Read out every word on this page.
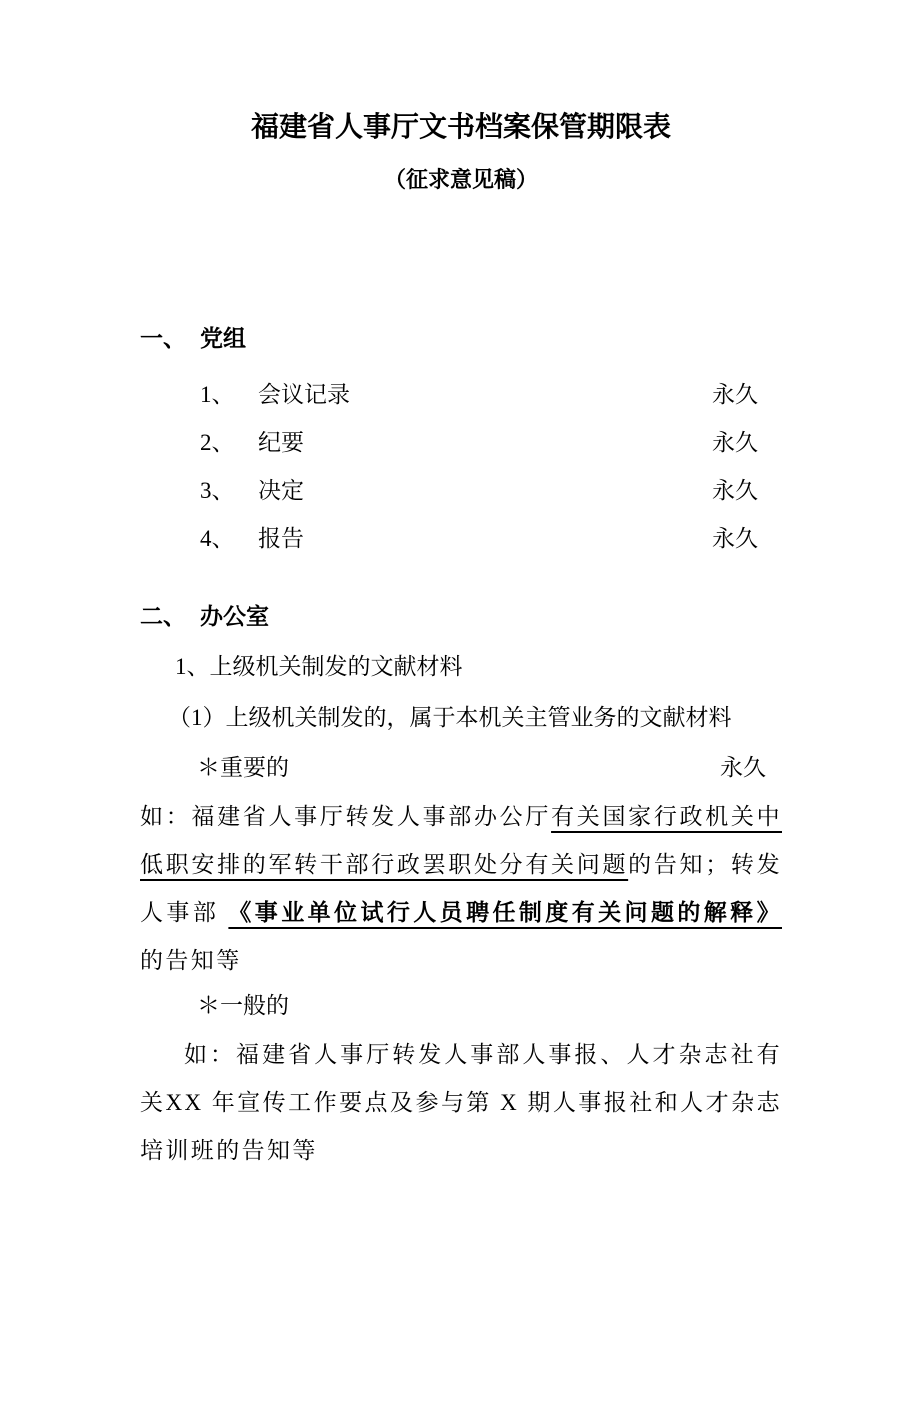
福建省人事厅文书档案保管期限表
（征求意见稿）
一、 党组
1、	会议记录	永久
2、	纪要	永久
3、	决定	永久
4、	报告	永久
二、 办公室

1、上级机关制发的文献材料

（1）上级机关制发的，属于本机关主管业务的文献材料

＊重要的	永久

如：福建省人事厅转发人事部办公厅有关国家行政机关中低职安排的军转干部行政罢职处分有关问题的告知；转发人事部 《事业单位试行人员聘任制度有关问题的解释》的告知等

＊一般的

如：福建省人事厅转发人事部人事报、人才杂志社有关XX 年宣传工作要点及参与第 X 期人事报社和人才杂志培训班的告知等
